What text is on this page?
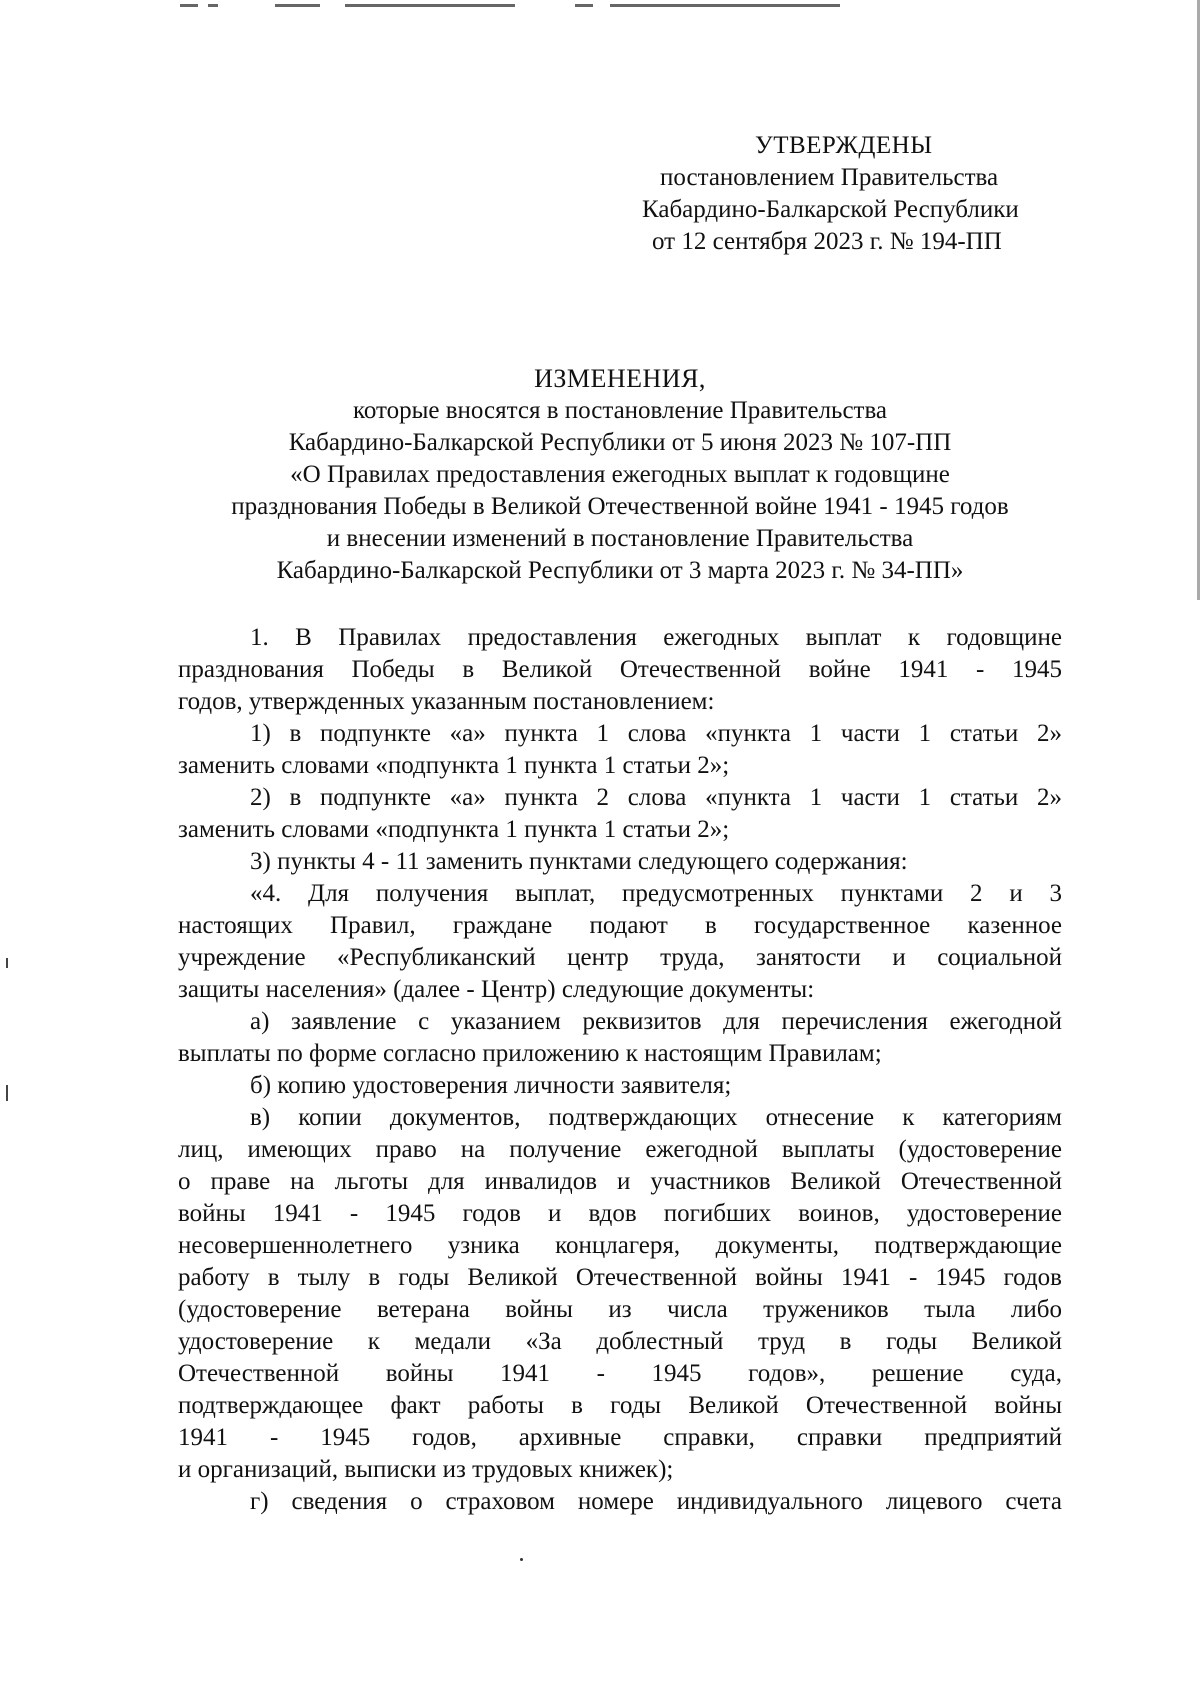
УТВЕРЖДЕНЫ
постановлением Правительства
Кабардино-Балкарской Республики
от 12 сентября 2023 г. № 194-ПП
ИЗМЕНЕНИЯ,
которые вносятся в постановление Правительства
Кабардино-Балкарской Республики от 5 июня 2023 № 107-ПП
«О Правилах предоставления ежегодных выплат к годовщине
празднования Победы в Великой Отечественной войне 1941 - 1945 годов
и внесении изменений в постановление Правительства
Кабардино-Балкарской Республики от 3 марта 2023 г. № 34-ПП»
1. В Правилах предоставления ежегодных выплат к годовщине
празднования Победы в Великой Отечественной войне 1941 - 1945
годов, утвержденных указанным постановлением:
1) в подпункте «а» пункта 1 слова «пункта 1 части 1 статьи 2»
заменить словами «подпункта 1 пункта 1 статьи 2»;
2) в подпункте «а» пункта 2 слова «пункта 1 части 1 статьи 2»
заменить словами «подпункта 1 пункта 1 статьи 2»;
3) пункты 4 - 11 заменить пунктами следующего содержания:
«4. Для получения выплат, предусмотренных пунктами 2 и 3
настоящих Правил, граждане подают в государственное казенное
учреждение «Республиканский центр труда, занятости и социальной
защиты населения» (далее - Центр) следующие документы:
а) заявление с указанием реквизитов для перечисления ежегодной
выплаты по форме согласно приложению к настоящим Правилам;
б) копию удостоверения личности заявителя;
в) копии документов, подтверждающих отнесение к категориям
лиц, имеющих право на получение ежегодной выплаты (удостоверение
о праве на льготы для инвалидов и участников Великой Отечественной
войны 1941 - 1945 годов и вдов погибших воинов, удостоверение
несовершеннолетнего узника концлагеря, документы, подтверждающие
работу в тылу в годы Великой Отечественной войны 1941 - 1945 годов
(удостоверение ветерана войны из числа тружеников тыла либо
удостоверение к медали «За доблестный труд в годы Великой
Отечественной войны 1941 - 1945 годов», решение суда,
подтверждающее факт работы в годы Великой Отечественной войны
1941 - 1945 годов, архивные справки, справки предприятий
и организаций, выписки из трудовых книжек);
г) сведения о страховом номере индивидуального лицевого счета
